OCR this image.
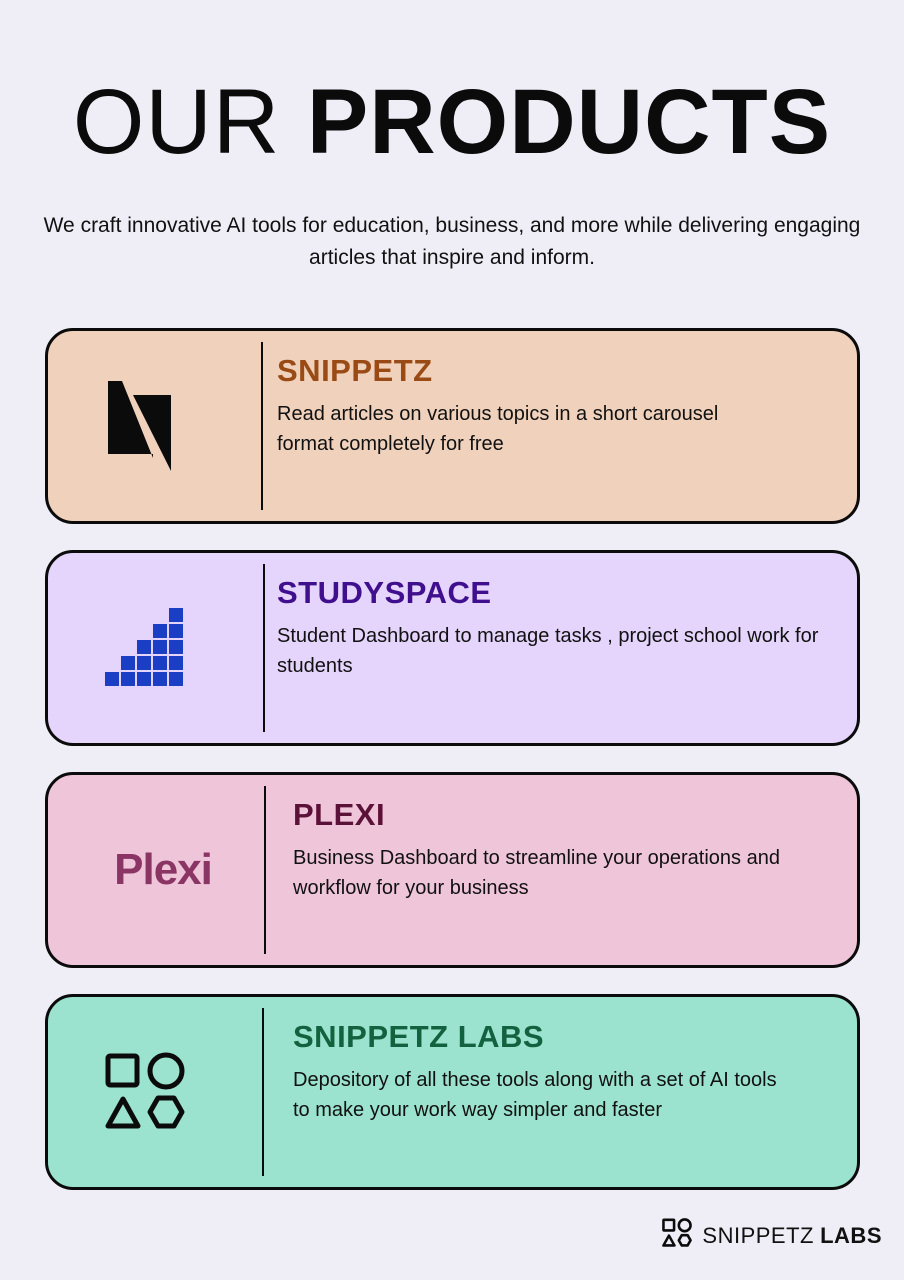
OUR PRODUCTS
We craft innovative AI tools for education, business, and more while delivering engaging articles that inspire and inform.
SNIPPETZ
Read articles on various topics in a short carousel format completely for free
STUDYSPACE
Student Dashboard to manage tasks , project school work for students
Plexi
PLEXI
Business Dashboard to streamline your operations and workflow for your business
SNIPPETZ LABS
Depository of all these tools along with a set of AI tools to make your work way simpler and faster
SNIPPETZ LABS
